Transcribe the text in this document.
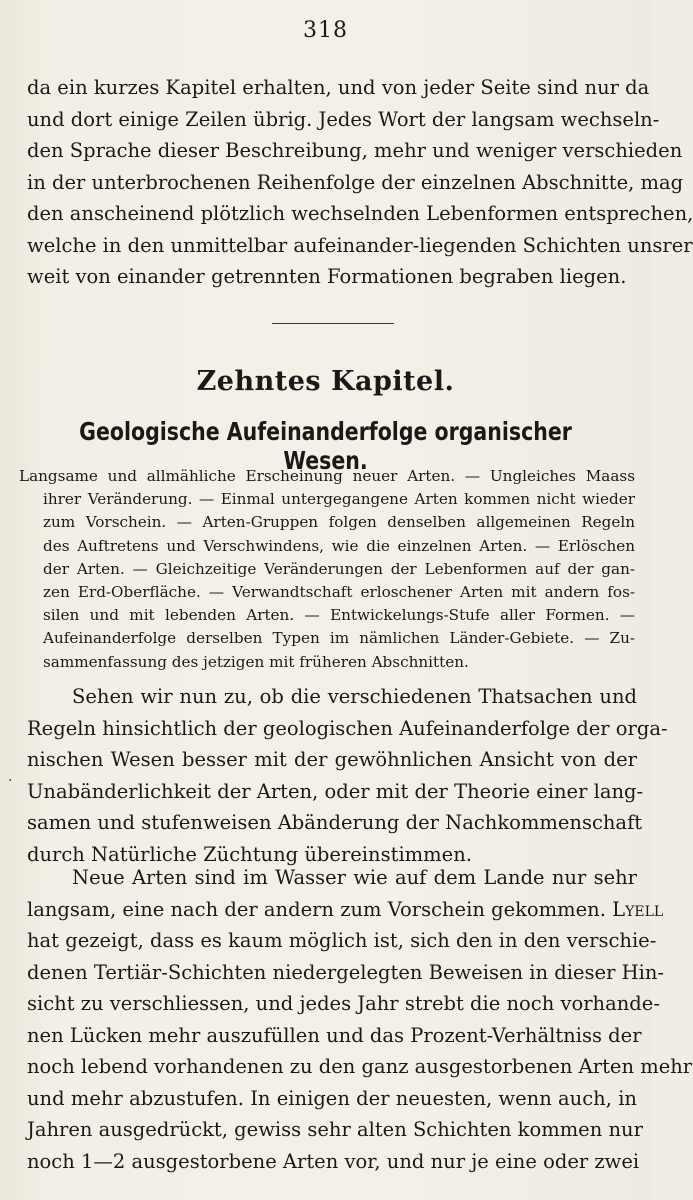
318
da ein kurzes Kapitel erhalten, und von jeder Seite sind nur da
und dort einige Zeilen übrig. Jedes Wort der langsam wechseln-
den Sprache dieser Beschreibung, mehr und weniger verschieden
in der unterbrochenen Reihenfolge der einzelnen Abschnitte, mag
den anscheinend plötzlich wechselnden Lebenformen entsprechen,
welche in den unmittelbar aufeinander-liegenden Schichten unsrer
weit von einander getrennten Formationen begraben liegen.
Zehntes Kapitel.
Geologische Aufeinanderfolge organischer Wesen.
Langsame und allmähliche Erscheinung neuer Arten. — Ungleiches Maass
ihrer Veränderung. — Einmal untergegangene Arten kommen nicht wieder
zum Vorschein. — Arten-Gruppen folgen denselben allgemeinen Regeln
des Auftretens und Verschwindens, wie die einzelnen Arten. — Erlöschen
der Arten. — Gleichzeitige Veränderungen der Lebenformen auf der gan-
zen Erd-Oberfläche. — Verwandtschaft erloschener Arten mit andern fos-
silen und mit lebenden Arten. — Entwickelungs-Stufe aller Formen. —
Aufeinanderfolge derselben Typen im nämlichen Länder-Gebiete. — Zu-
sammenfassung des jetzigen mit früheren Abschnitten.
Sehen wir nun zu, ob die verschiedenen Thatsachen und
Regeln hinsichtlich der geologischen Aufeinanderfolge der orga-
nischen Wesen besser mit der gewöhnlichen Ansicht von der
Unabänderlichkeit der Arten, oder mit der Theorie einer lang-
samen und stufenweisen Abänderung der Nachkommenschaft
durch Natürliche Züchtung übereinstimmen.
·
Neue Arten sind im Wasser wie auf dem Lande nur sehr
langsam, eine nach der andern zum Vorschein gekommen. Lyell
hat gezeigt, dass es kaum möglich ist, sich den in den verschie-
denen Tertiär-Schichten niedergelegten Beweisen in dieser Hin-
sicht zu verschliessen, und jedes Jahr strebt die noch vorhande-
nen Lücken mehr auszufüllen und das Prozent-Verhältniss der
noch lebend vorhandenen zu den ganz ausgestorbenen Arten mehr
und mehr abzustufen. In einigen der neuesten, wenn auch, in
Jahren ausgedrückt, gewiss sehr alten Schichten kommen nur
noch 1—2 ausgestorbene Arten vor, und nur je eine oder zwei
